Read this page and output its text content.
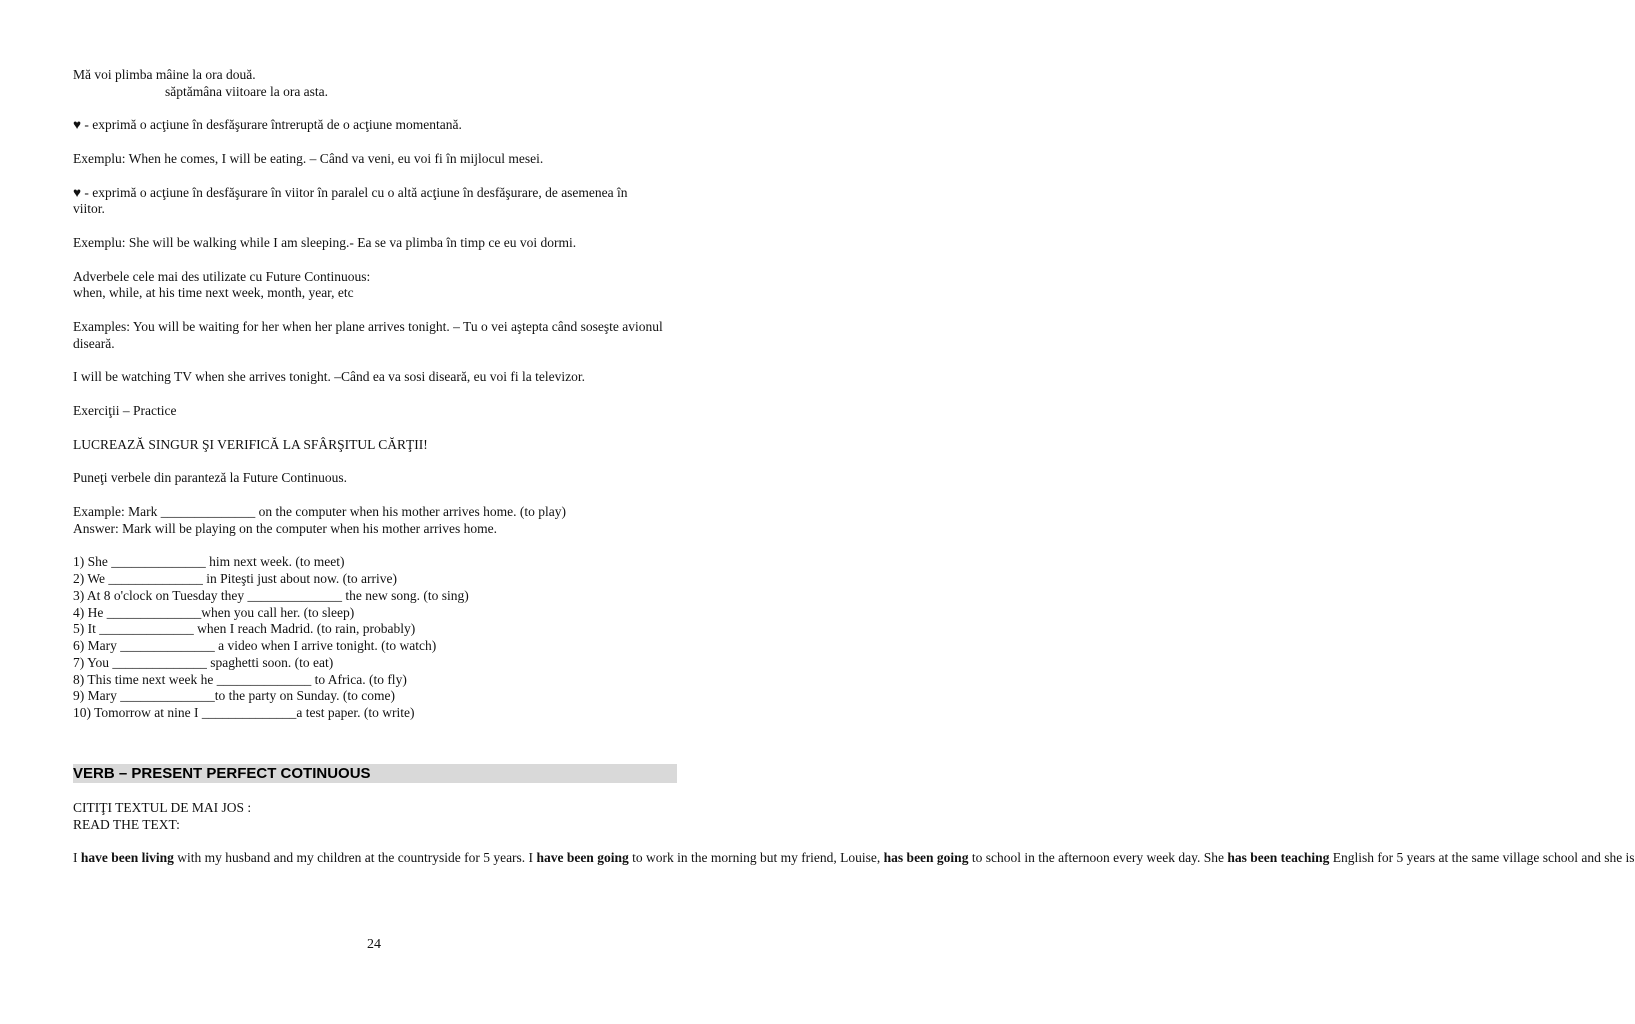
Mă voi plimba mâine la ora două.

săptămâna viitoare la ora asta.

♥ - exprimă o acţiune în desfăşurare întreruptă de o acţiune momentană.

Exemplu: When he comes, I will be eating. – Când va veni, eu voi fi în mijlocul mesei.

♥ - exprimă o acţiune în desfăşurare în viitor în paralel cu o altă acţiune în desfăşurare, de asemenea în viitor.

Exemplu: She will be walking while I am sleeping.- Ea se va plimba în timp ce eu voi dormi.

Adverbele cele mai des utilizate cu Future Continuous:

when, while, at his time next week, month, year, etc

Examples: You will be waiting for her when her plane arrives tonight. – Tu o vei aştepta când soseşte avionul diseară.

I will be watching TV when she arrives tonight. –Când ea va sosi diseară, eu voi fi la televizor.

Exerciţii – Practice

LUCREAZĂ SINGUR ŞI VERIFICĂ LA SFÂRŞITUL CĂRŢII!

Puneţi verbele din paranteză la Future Continuous.

Example: Mark ______________ on the computer when his mother arrives home. (to play)

Answer: Mark will be playing on the computer when his mother arrives home.

1) She ______________ him next week. (to meet)
2) We ______________ in Piteşti just about now. (to arrive)
3) At 8 o'clock on Tuesday they ______________ the new song. (to sing)
4) He ______________when you call her. (to sleep)
5) It ______________ when I reach Madrid. (to rain, probably)
6) Mary ______________ a video when I arrive tonight. (to watch)
7) You ______________ spaghetti soon. (to eat)
8) This time next week he ______________ to Africa. (to fly)
9) Mary ______________to the party on Sunday. (to come)
10) Tomorrow at nine I ______________a test paper. (to write)
VERB – PRESENT PERFECT COTINUOUS

CITIŢI TEXTUL DE MAI JOS :

READ THE TEXT:

I have been living with my husband and my children at the countryside for 5 years. I have been going to work in the morning but my friend, Louise, has been going to school in the afternoon every week day. She has been teaching English for 5 years at the same village school and she is

24
